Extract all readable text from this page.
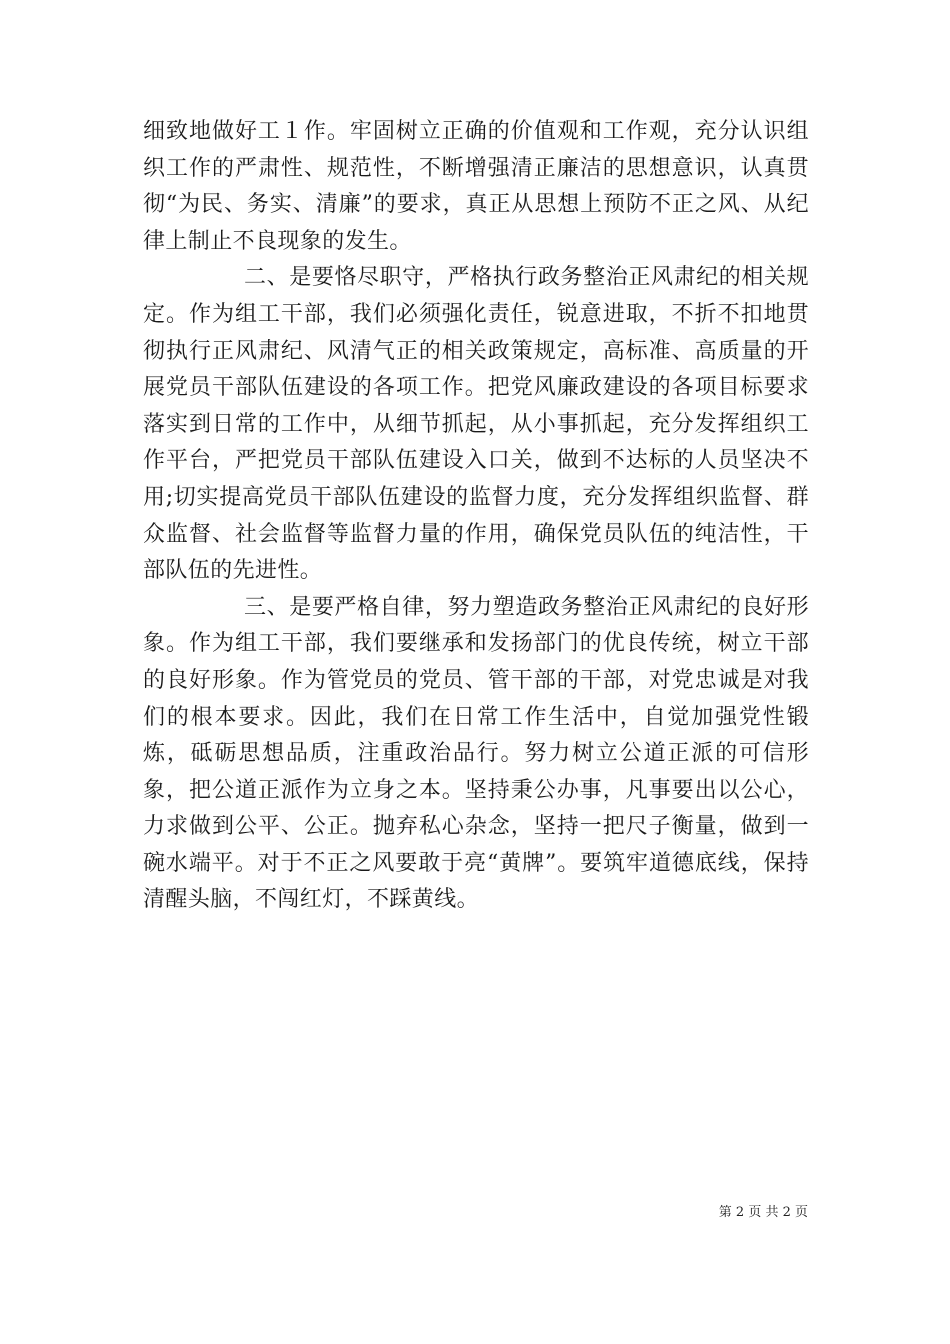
细致地做好工１作。牢固树立正确的价值观和工作观，充分认识组织工作的严肃性、规范性，不断增强清正廉洁的思想意识，认真贯彻“为民、务实、清廉”的要求，真正从思想上预防不正之风、从纪律上制止不良现象的发生。

二、是要恪尽职守，严格执行政务整治正风肃纪的相关规定。作为组工干部，我们必须强化责任，锐意进取，不折不扣地贯彻执行正风肃纪、风清气正的相关政策规定，高标准、高质量的开展党员干部队伍建设的各项工作。把党风廉政建设的各项目标要求落实到日常的工作中，从细节抓起，从小事抓起，充分发挥组织工作平台，严把党员干部队伍建设入口关，做到不达标的人员坚决不用;切实提高党员干部队伍建设的监督力度，充分发挥组织监督、群众监督、社会监督等监督力量的作用，确保党员队伍的纯洁性，干部队伍的先进性。

三、是要严格自律，努力塑造政务整治正风肃纪的良好形象。作为组工干部，我们要继承和发扬部门的优良传统，树立干部的良好形象。作为管党员的党员、管干部的干部，对党忠诚是对我们的根本要求。因此，我们在日常工作生活中，自觉加强党性锻炼，砥砺思想品质，注重政治品行。努力树立公道正派的可信形象，把公道正派作为立身之本。坚持秉公办事，凡事要出以公心，力求做到公平、公正。抛弃私心杂念，坚持一把尺子衡量，做到一碗水端平。对于不正之风要敢于亮“黄牌”。要筑牢道德底线，保持清醒头脑，不闯红灯，不踩黄线。

第 2 页 共 2 页
